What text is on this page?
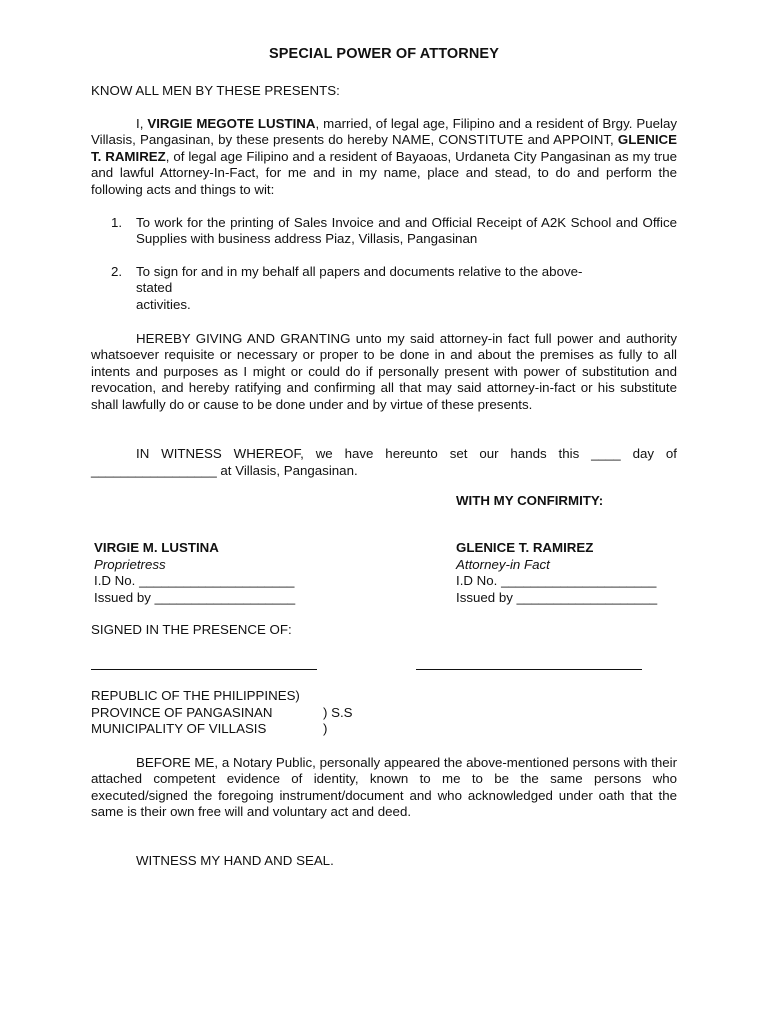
SPECIAL POWER OF ATTORNEY
KNOW ALL MEN BY THESE PRESENTS:
I, VIRGIE MEGOTE LUSTINA, married, of legal age, Filipino and a resident of Brgy. Puelay Villasis, Pangasinan, by these presents do hereby NAME, CONSTITUTE and APPOINT, GLENICE T. RAMIREZ, of legal age Filipino and a resident of Bayaoas, Urdaneta City Pangasinan as my true and lawful Attorney-In-Fact, for me and in my name, place and stead, to do and perform the following acts and things to wit:
1. To work for the printing of Sales Invoice and and Official Receipt of A2K School and Office Supplies with business address Piaz, Villasis, Pangasinan
2. To sign for and in my behalf all papers and documents relative to the above-
stated
activities.
HEREBY GIVING AND GRANTING unto my said attorney-in fact full power and authority whatsoever requisite or necessary or proper to be done in and about the premises as fully to all intents and purposes as I might or could do if personally present with power of substitution and revocation, and hereby ratifying and confirming all that may said attorney-in-fact or his substitute shall lawfully do or cause to be done under and by virtue of these presents.
IN WITNESS WHEREOF, we have hereunto set our hands this ____ day of
_________________ at Villasis, Pangasinan.
WITH MY CONFIRMITY:
VIRGIE M. LUSTINA
Proprietress
I.D No. _____________________
Issued by ___________________
GLENICE T. RAMIREZ
Attorney-in Fact
I.D No. _____________________
Issued by ___________________
SIGNED IN THE PRESENCE OF:
REPUBLIC OF THE PHILIPPINES)
PROVINCE OF PANGASINAN	) S.S
MUNICIPALITY OF VILLASIS	)
BEFORE ME, a Notary Public, personally appeared the above-mentioned persons with their attached competent evidence of identity, known to me to be the same persons who executed/signed the foregoing instrument/document and who acknowledged under oath that the same is their own free will and voluntary act and deed.
WITNESS MY HAND AND SEAL.
